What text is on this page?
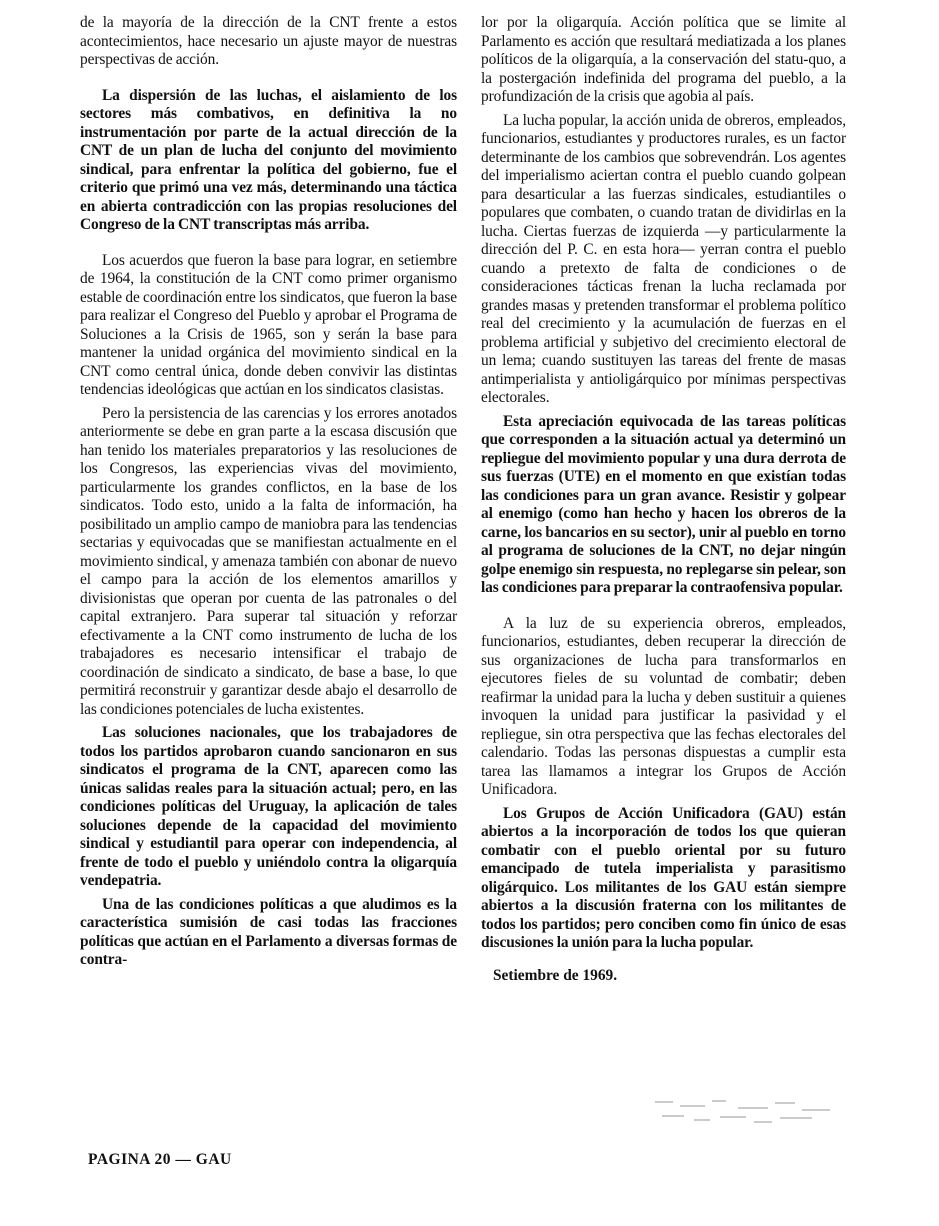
de la mayoría de la dirección de la CNT frente a estos acontecimientos, hace necesario un ajuste mayor de nuestras perspectivas de acción.

La dispersión de las luchas, el aislamiento de los sectores más combativos, en definitiva la no instrumentación por parte de la actual dirección de la CNT de un plan de lucha del conjunto del movimiento sindical, para enfrentar la política del gobierno, fue el criterio que primó una vez más, determinando una táctica en abierta contradicción con las propias resoluciones del Congreso de la CNT transcriptas más arriba.

Los acuerdos que fueron la base para lograr, en setiembre de 1964, la constitución de la CNT como primer organismo estable de coordinación entre los sindicatos, que fueron la base para realizar el Congreso del Pueblo y aprobar el Programa de Soluciones a la Crisis de 1965, son y serán la base para mantener la unidad orgánica del movimiento sindical en la CNT como central única, donde deben convivir las distintas tendencias ideológicas que actúan en los sindicatos clasistas.

Pero la persistencia de las carencias y los errores anotados anteriormente se debe en gran parte a la escasa discusión que han tenido los materiales preparatorios y las resoluciones de los Congresos, las experiencias vivas del movimiento, particularmente los grandes conflictos, en la base de los sindicatos. Todo esto, unido a la falta de información, ha posibilitado un amplio campo de maniobra para las tendencias sectarias y equivocadas que se manifiestan actualmente en el movimiento sindical, y amenaza también con abonar de nuevo el campo para la acción de los elementos amarillos y divisionistas que operan por cuenta de las patronales o del capital extranjero. Para superar tal situación y reforzar efectivamente a la CNT como instrumento de lucha de los trabajadores es necesario intensificar el trabajo de coordinación de sindicato a sindicato, de base a base, lo que permitirá reconstruir y garantizar desde abajo el desarrollo de las condiciones potenciales de lucha existentes.

Las soluciones nacionales, que los trabajadores de todos los partidos aprobaron cuando sancionaron en sus sindicatos el programa de la CNT, aparecen como las únicas salidas reales para la situación actual; pero, en las condiciones políticas del Uruguay, la aplicación de tales soluciones depende de la capacidad del movimiento sindical y estudiantil para operar con independencia, al frente de todo el pueblo y uniéndolo contra la oligarquía vendepatria.

Una de las condiciones políticas a que aludimos es la característica sumisión de casi todas las fracciones políticas que actúan en el Parlamento a diversas formas de contra-

lor por la oligarquía. Acción política que se limite al Parlamento es acción que resultará mediatizada a los planes políticos de la oligarquía, a la conservación del statu-quo, a la postergación indefinida del programa del pueblo, a la profundización de la crisis que agobia al país.

La lucha popular, la acción unida de obreros, empleados, funcionarios, estudiantes y productores rurales, es un factor determinante de los cambios que sobrevendrán. Los agentes del imperialismo aciertan contra el pueblo cuando golpean para desarticular a las fuerzas sindicales, estudiantiles o populares que combaten, o cuando tratan de dividirlas en la lucha. Ciertas fuerzas de izquierda —y particularmente la dirección del P. C. en esta hora— yerran contra el pueblo cuando a pretexto de falta de condiciones o de consideraciones tácticas frenan la lucha reclamada por grandes masas y pretenden transformar el problema político real del crecimiento y la acumulación de fuerzas en el problema artificial y subjetivo del crecimiento electoral de un lema; cuando sustituyen las tareas del frente de masas antimperialista y antioligárquico por mínimas perspectivas electorales.

Esta apreciación equivocada de las tareas políticas que corresponden a la situación actual ya determinó un repliegue del movimiento popular y una dura derrota de sus fuerzas (UTE) en el momento en que existían todas las condiciones para un gran avance. Resistir y golpear al enemigo (como han hecho y hacen los obreros de la carne, los bancarios en su sector), unir al pueblo en torno al programa de soluciones de la CNT, no dejar ningún golpe enemigo sin respuesta, no replegarse sin pelear, son las condiciones para preparar la contraofensiva popular.

A la luz de su experiencia obreros, empleados, funcionarios, estudiantes, deben recuperar la dirección de sus organizaciones de lucha para transformarlos en ejecutores fieles de su voluntad de combatir; deben reafirmar la unidad para la lucha y deben sustituir a quienes invoquen la unidad para justificar la pasividad y el repliegue, sin otra perspectiva que las fechas electorales del calendario. Todas las personas dispuestas a cumplir esta tarea las llamamos a integrar los Grupos de Acción Unificadora.

Los Grupos de Acción Unificadora (GAU) están abiertos a la incorporación de todos los que quieran combatir con el pueblo oriental por su futuro emancipado de tutela imperialista y parasitismo oligárquico. Los militantes de los GAU están siempre abiertos a la discusión fraterna con los militantes de todos los partidos; pero conciben como fin único de esas discusiones la unión para la lucha popular.

Setiembre de 1969.

PAGINA 20 — GAU
